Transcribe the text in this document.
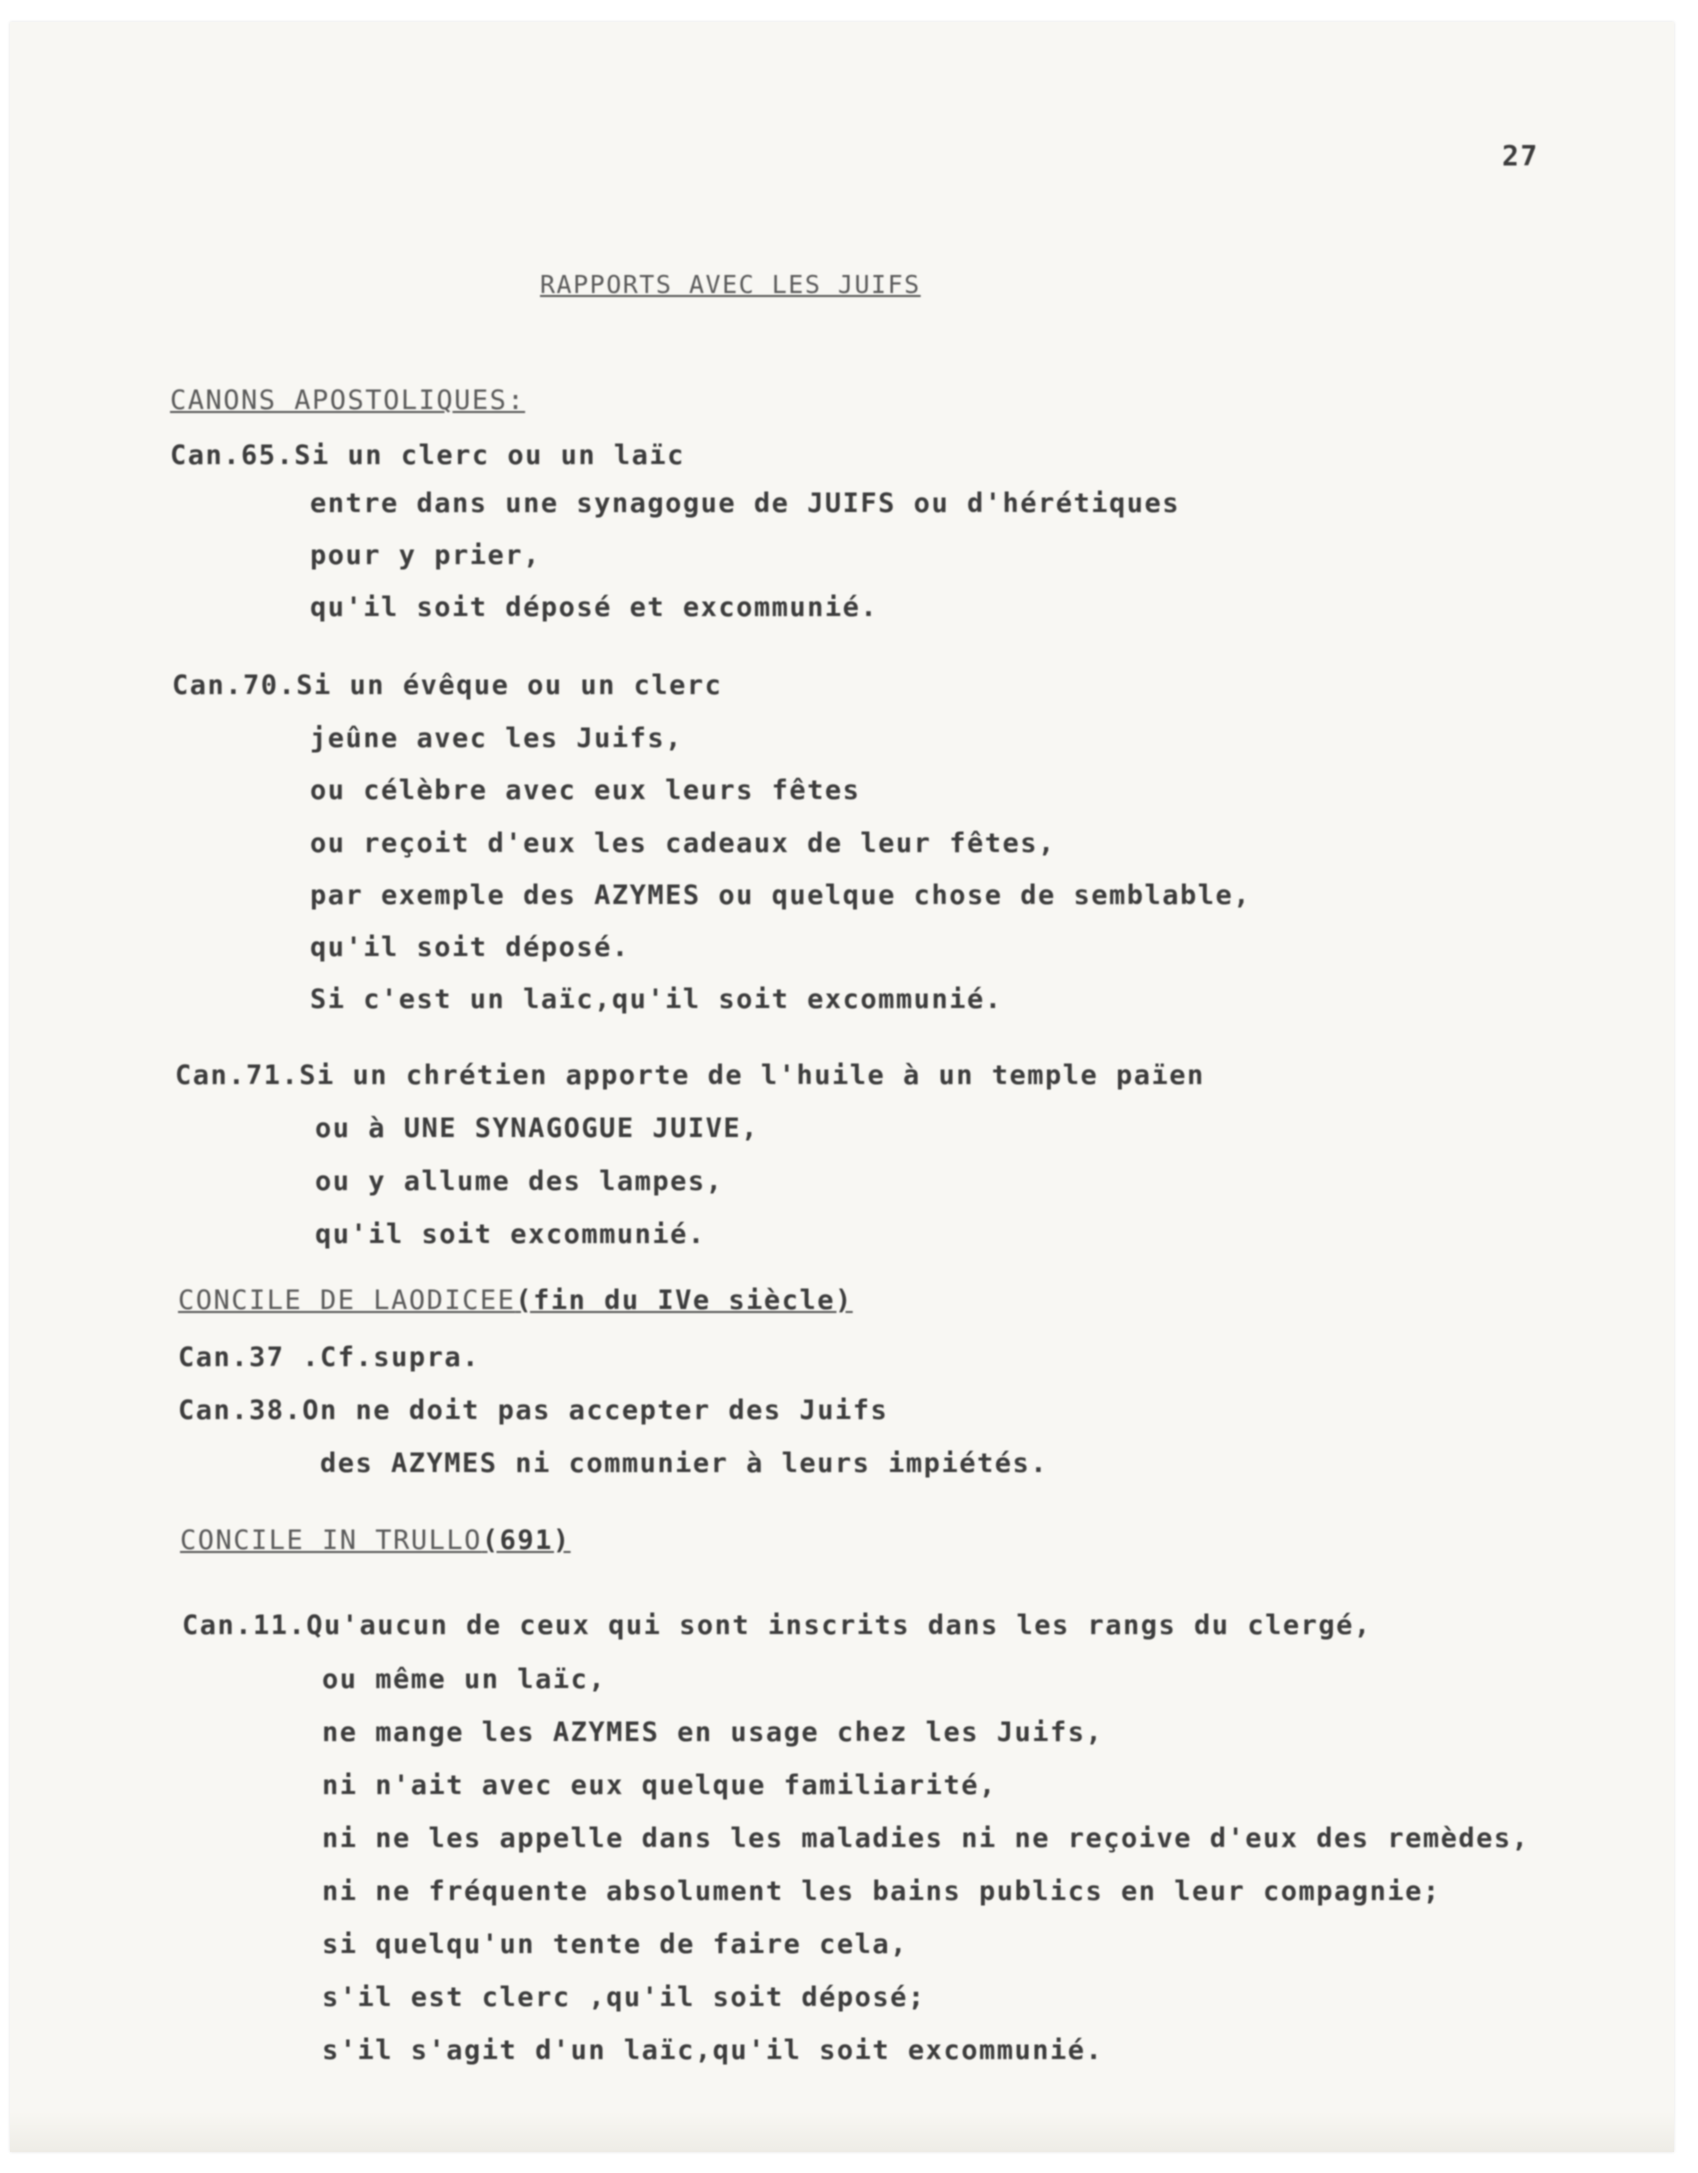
27
RAPPORTS AVEC LES JUIFS
CANONS APOSTOLIQUES:
Can.65.Si un clerc ou un laïc
entre dans une synagogue de JUIFS ou d'hérétiques
pour y prier,
qu'il soit déposé et excommunié.
Can.70.Si un évêque ou un clerc
jeûne avec les Juifs,
ou célèbre avec eux leurs fêtes
ou reçoit d'eux les cadeaux de leur fêtes,
par exemple des AZYMES ou quelque chose de semblable,
qu'il soit déposé.
Si c'est un laïc,qu'il soit excommunié.
Can.71.Si un chrétien apporte de l'huile à un temple païen
ou à UNE SYNAGOGUE JUIVE,
ou y allume des lampes,
qu'il soit excommunié.
CONCILE DE LAODICEE(fin du IVe siècle)
Can.37 .Cf.supra.
Can.38.On ne doit pas accepter des Juifs
des AZYMES ni communier à leurs impiétés.
CONCILE IN TRULLO(691)
Can.11.Qu'aucun de ceux qui sont inscrits dans les rangs du clergé,
ou même un laïc,
ne mange les AZYMES en usage chez les Juifs,
ni n'ait avec eux quelque familiarité,
ni ne les appelle dans les maladies ni ne reçoive d'eux des remèdes,
ni ne fréquente absolument les bains publics en leur compagnie;
si quelqu'un tente de faire cela,
s'il est clerc ,qu'il soit déposé;
s'il s'agit d'un laïc,qu'il soit excommunié.
